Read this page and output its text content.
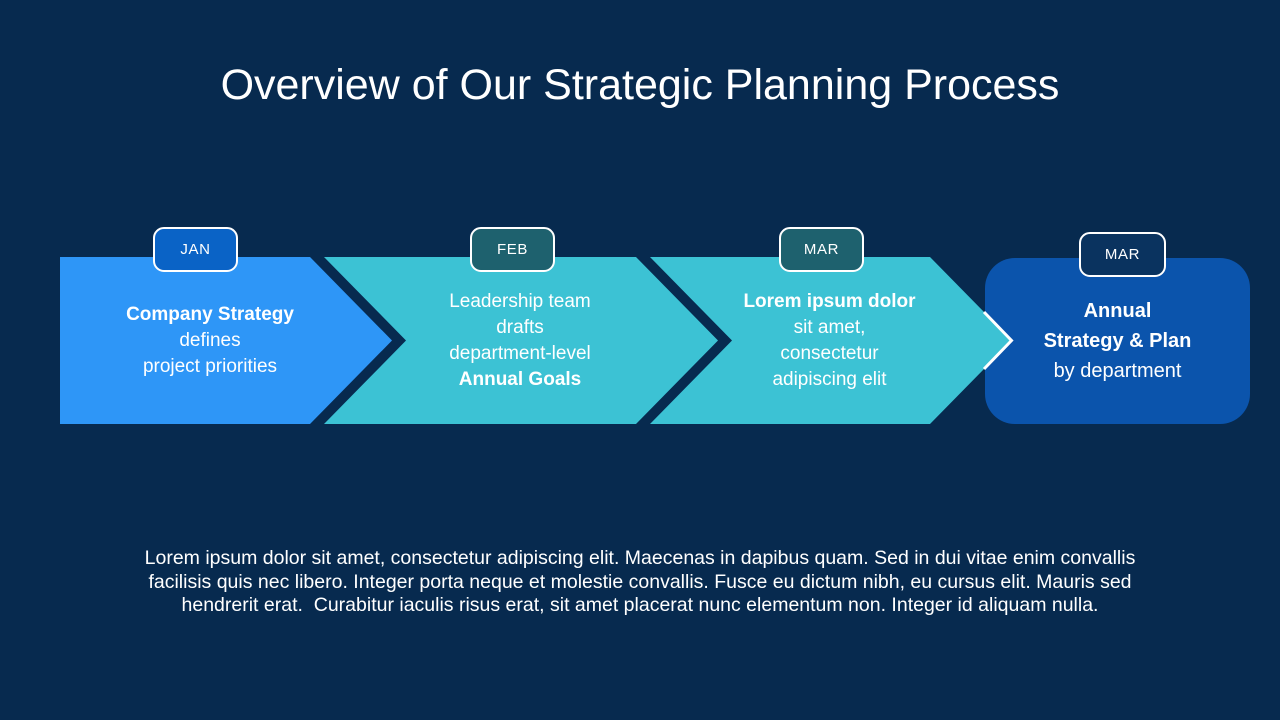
Overview of Our Strategic Planning Process
JAN	FEB	MAR	MAR
Company Strategy
defines
project priorities
Leadership team
drafts
department-level
Annual Goals
Lorem ipsum dolor
sit amet,
consectetur
adipiscing elit
Annual
Strategy & Plan
by department
Lorem ipsum dolor sit amet, consectetur adipiscing elit. Maecenas in dapibus quam. Sed in dui vitae enim convallis
facilisis quis nec libero. Integer porta neque et molestie convallis. Fusce eu dictum nibh, eu cursus elit. Mauris sed
hendrerit erat.  Curabitur iaculis risus erat, sit amet placerat nunc elementum non. Integer id aliquam nulla.
